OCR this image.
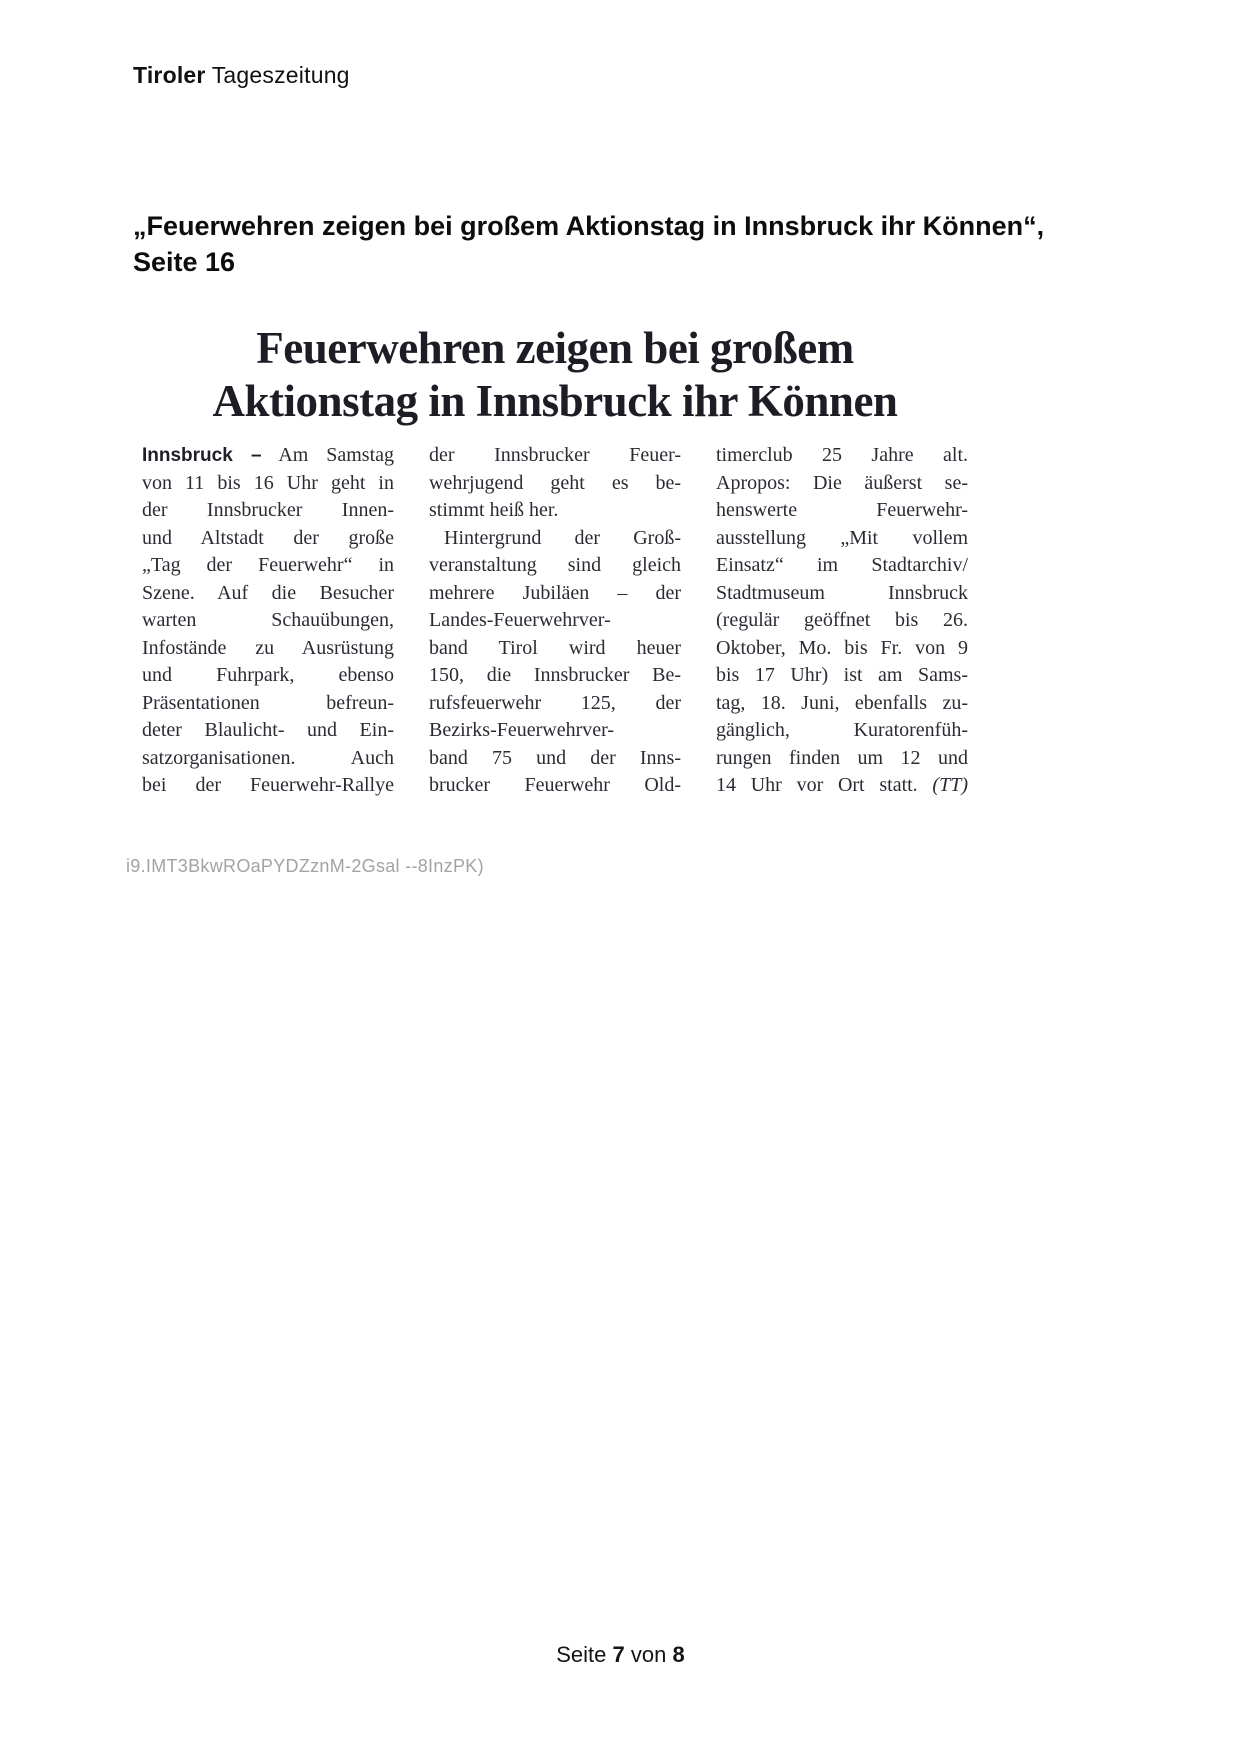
Tiroler Tageszeitung
„Feuerwehren zeigen bei großem Aktionstag in Innsbruck ihr Können“,
Seite 16
Feuerwehren zeigen bei großem
Aktionstag in Innsbruck ihr Können
Innsbruck – Am Samstag
von 11 bis 16 Uhr geht in
der Innsbrucker Innen-
und Altstadt der große
„Tag der Feuerwehr“ in
Szene. Auf die Besucher
warten Schauübungen,
Infostände zu Ausrüstung
und Fuhrpark, ebenso
Präsentationen befreun-
deter Blaulicht- und Ein-
satzorganisationen. Auch
bei der Feuerwehr-Rallye
der Innsbrucker Feuer-
wehrjugend geht es be-
stimmt heiß her.
Hintergrund der Groß-
veranstaltung sind gleich
mehrere Jubiläen – der
Landes-Feuerwehrver-
band Tirol wird heuer
150, die Innsbrucker Be-
rufsfeuerwehr 125, der
Bezirks-Feuerwehrver-
band 75 und der Inns-
brucker Feuerwehr Old-
timerclub 25 Jahre alt.
Apropos: Die äußerst se-
henswerte Feuerwehr-
ausstellung „Mit vollem
Einsatz“ im Stadtarchiv/
Stadtmuseum Innsbruck
(regulär geöffnet bis 26.
Oktober, Mo. bis Fr. von 9
bis 17 Uhr) ist am Sams-
tag, 18. Juni, ebenfalls zu-
gänglich, Kuratorenfüh-
rungen finden um 12 und
14 Uhr vor Ort statt. (TT)
i9.IMT3BkwROaPYDZznM-2Gsal --8InzPK)
Seite 7 von 8
